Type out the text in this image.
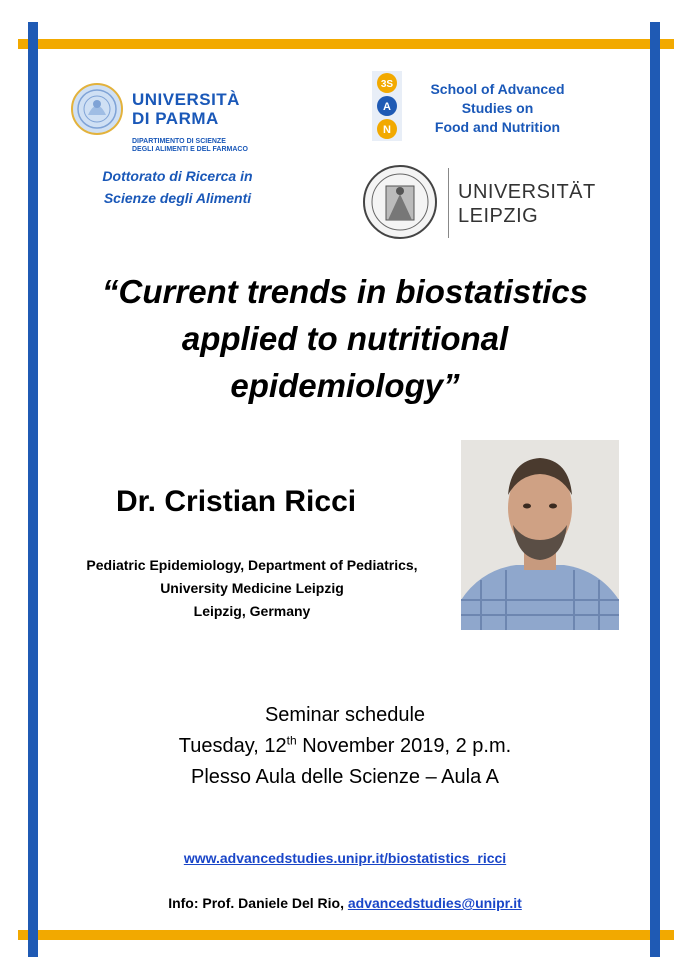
UNIVERSITÀ
DI PARMA
DIPARTIMENTO DI SCIENZE
DEGLI ALIMENTI E DEL FARMACO
Dottorato di Ricerca in
Scienze degli Alimenti
3S
A
N
School of Advanced
Studies on
Food and Nutrition
UNIVERSITÄT
LEIPZIG
“Current trends in biostatistics
applied to nutritional
epidemiology”
Dr. Cristian Ricci
Pediatric Epidemiology, Department of Pediatrics,
University Medicine Leipzig
Leipzig, Germany
Seminar schedule
Tuesday, 12th November 2019, 2 p.m.
Plesso Aula delle Scienze – Aula A
www.advancedstudies.unipr.it/biostatistics_ricci
Info: Prof. Daniele Del Rio, advancedstudies@unipr.it
